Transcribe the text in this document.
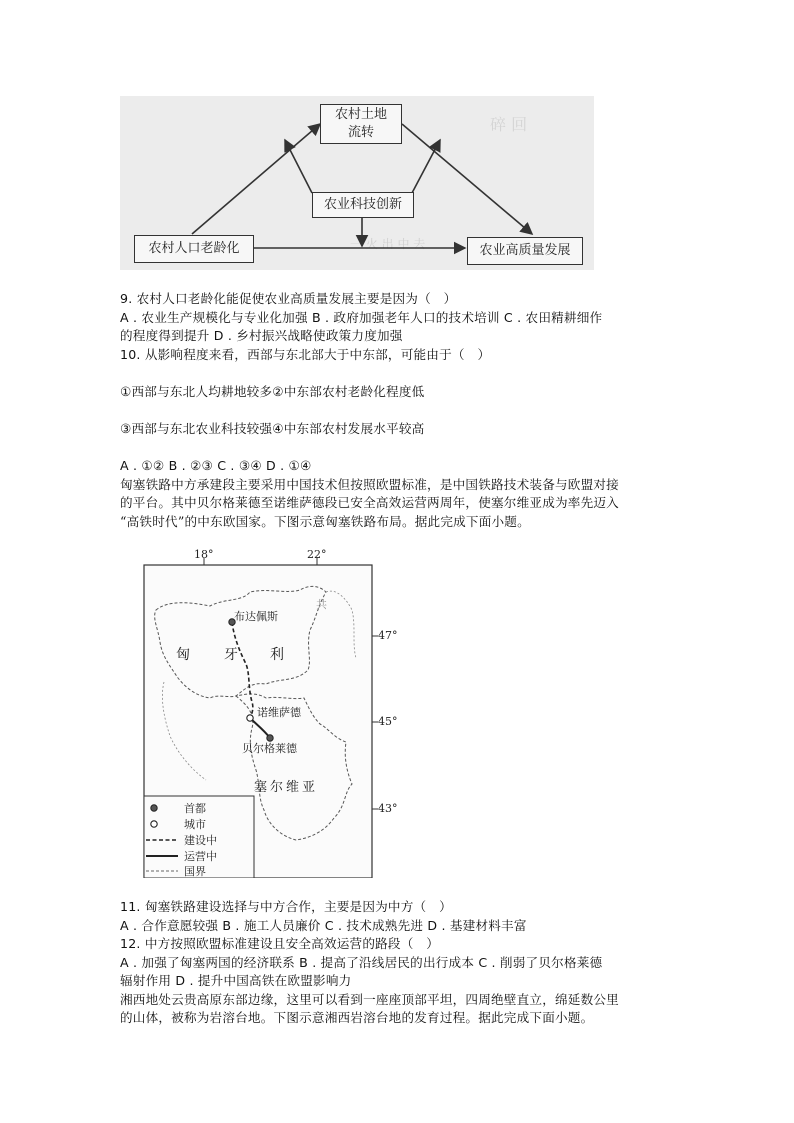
碎 回
一 火 出 中 去
农村土地
流转
农业科技创新
农村人口老龄化	农业高质量发展
9. 农村人口老龄化能促使农业高质量发展主要是因为（　）
A . 农业生产规模化与专业化加强 B . 政府加强老年人口的技术培训 C . 农田精耕细作
的程度得到提升 D . 乡村振兴战略使政策力度加强
10. 从影响程度来看，西部与东北部大于中东部，可能由于（　）
①西部与东北人均耕地较多②中东部农村老龄化程度低
③西部与东北农业科技较强④中东部农村发展水平较高
A . ①② B . ②③ C . ③④ D . ①④
匈塞铁路中方承建段主要采用中国技术但按照欧盟标准，是中国铁路技术装备与欧盟对接
的平台。其中贝尔格莱德至诺维萨德段已安全高效运营两周年，使塞尔维亚成为率先迈入
“高铁时代”的中东欧国家。下图示意匈塞铁路布局。据此完成下面小题。
18°	22°
47°
45°
43°
共
布达佩斯
匈 牙 利
诺维萨德
贝尔格莱德
塞尔维亚
首都
城市
建设中
运营中
国界
11. 匈塞铁路建设选择与中方合作，主要是因为中方（　）
A . 合作意愿较强 B . 施工人员廉价 C . 技术成熟先进 D . 基建材料丰富
12. 中方按照欧盟标准建设且安全高效运营的路段（　）
A . 加强了匈塞两国的经济联系 B . 提高了沿线居民的出行成本 C . 削弱了贝尔格莱德
辐射作用 D . 提升中国高铁在欧盟影响力
湘西地处云贵高原东部边缘，这里可以看到一座座顶部平坦，四周绝壁直立，绵延数公里
的山体，被称为岩溶台地。下图示意湘西岩溶台地的发育过程。据此完成下面小题。
